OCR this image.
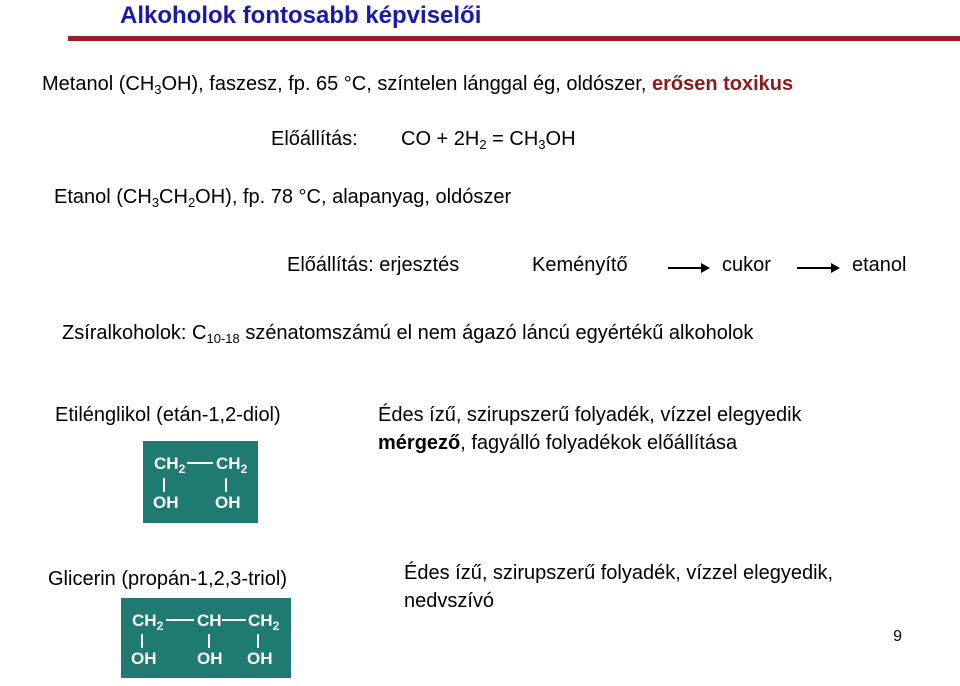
Alkoholok fontosabb képviselői
Metanol $(CH_3OH)$, faszesz, fp. 65 °C, színtelen lánggal ég, oldószer, erősen toxikus
Előállítás: CO + $2H_2 = CH_3OH$
Etanol $(CH_3CH_2OH)$, fp. 78 °C, alapanyag, oldószer
Előállítás: erjesztés	Keményítő	cukor	etanol
Zsíralkoholok: $C_{10-18}$ szénatomszámú el nem ágazó láncú egyértékű alkoholok
Etilénglikol (etán-1,2-diol)	Édes ízű, szirupszerű folyadék, vízzel elegyedik
mérgező, fagyálló folyadékok előállítása
$CH_2$ $CH_2$
OH OH
Glicerin (propán-1,2,3-triol)	Édes ízű, szirupszerű folyadék, vízzel elegyedik,
nedvszívó
$CH_2$ CH $CH_2$
OH OH OH
9
